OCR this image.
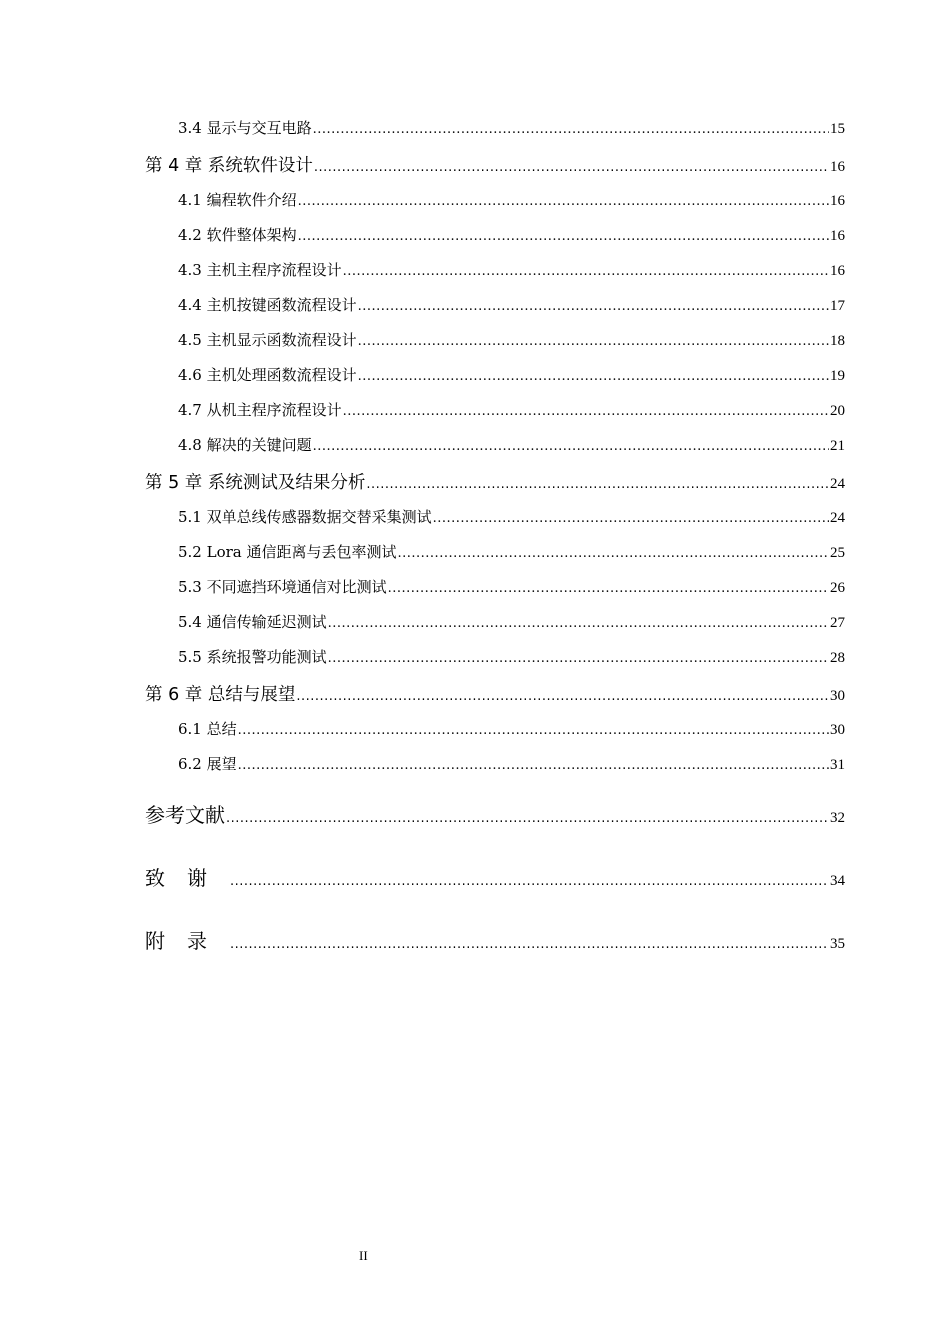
3.4 显示与交互电路 .....	15
第 4 章 系统软件设计 .....	16
4.1 编程软件介绍 .....	16
4.2 软件整体架构 .....	16
4.3 主机主程序流程设计 .....	16
4.4 主机按键函数流程设计 .....	17
4.5 主机显示函数流程设计 .....	18
4.6 主机处理函数流程设计 .....	19
4.7 从机主程序流程设计 .....	20
4.8 解决的关键问题 .....	21
第 5 章 系统测试及结果分析 .....	24
5.1 双单总线传感器数据交替采集测试 .....	24
5.2 Lora 通信距离与丢包率测试 .....	25
5.3 不同遮挡环境通信对比测试 .....	26
5.4 通信传输延迟测试 .....	27
5.5 系统报警功能测试 .....	28
第 6 章 总结与展望 .....	30
6.1 总结 .....	30
6.2 展望 .....	31
参考文献 .....	32
致谢 .....	34
附录 .....	35
II
